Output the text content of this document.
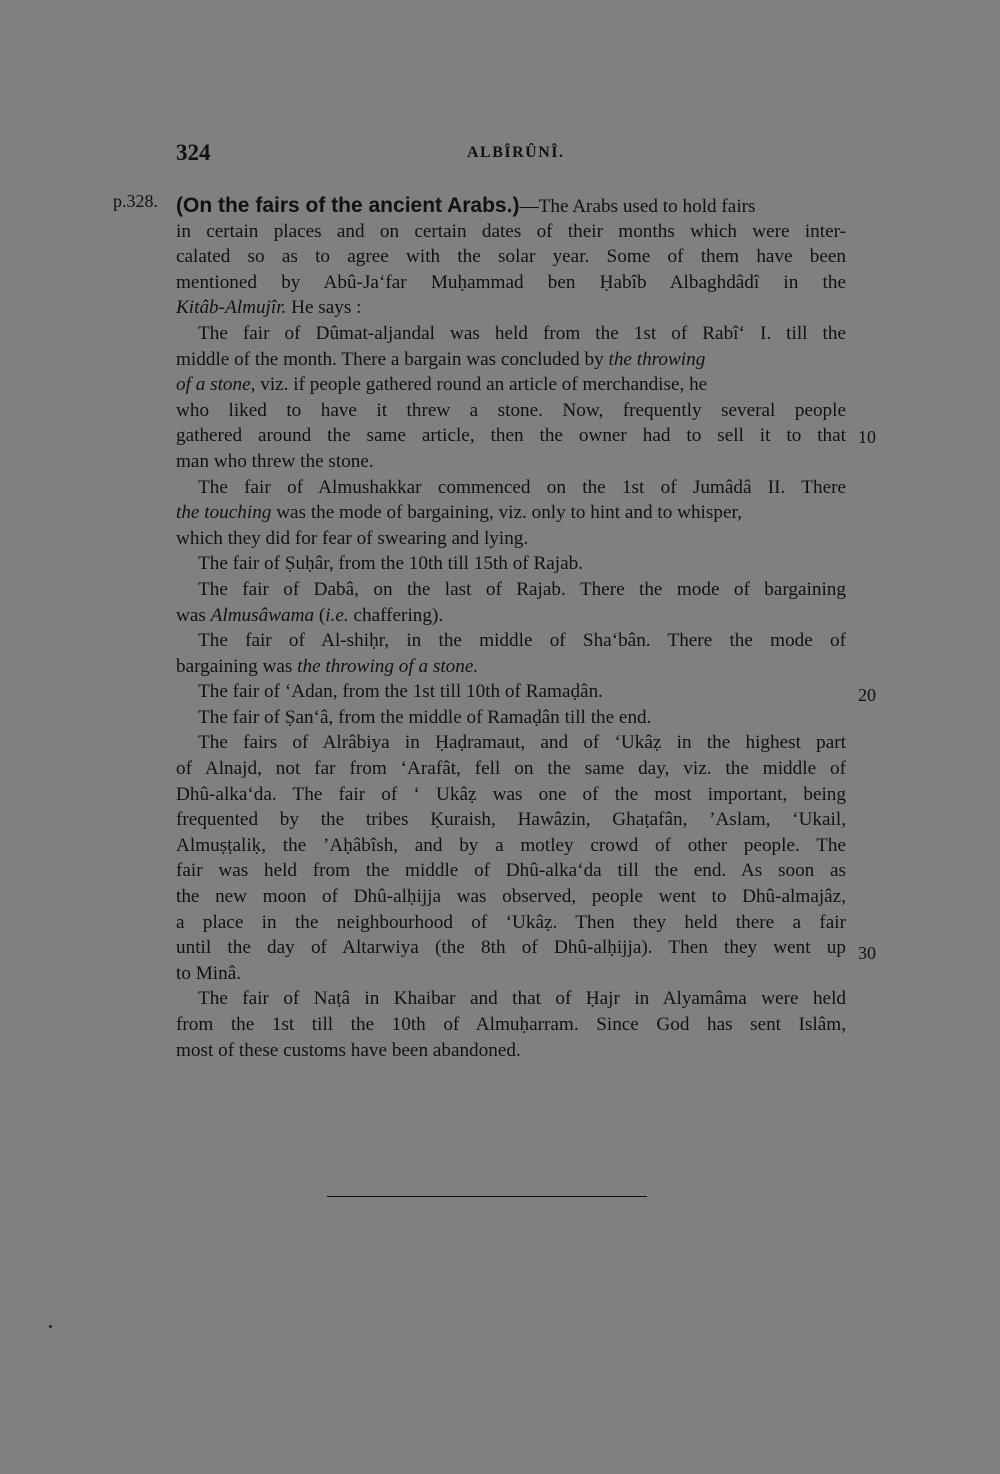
324	ALBÎRÛNÎ.
p.328. (On the fairs of the ancient Arabs.)—The Arabs used to hold fairs
in certain places and on certain dates of their months which were inter-
calated so as to agree with the solar year. Some of them have been
mentioned by Abû-Ja‘far Muḥammad ben Ḥabîb Albaghdâdî in the
Kitâb-Almujîr. He says :
The fair of Dûmat-aljandal was held from the 1st of Rabî‘ I. till the
middle of the month. There a bargain was concluded by the throwing
of a stone, viz. if people gathered round an article of merchandise, he
who liked to have it threw a stone. Now, frequently several people
gathered around the same article, then the owner had to sell it to that
man who threw the stone.
The fair of Almushakkar commenced on the 1st of Jumâdâ II. There
the touching was the mode of bargaining, viz. only to hint and to whisper,
which they did for fear of swearing and lying.
The fair of Ṣuḥâr, from the 10th till 15th of Rajab.
The fair of Dabâ, on the last of Rajab. There the mode of bargaining
was Almusâwama (i.e. chaffering).
The fair of Al-shiḥr, in the middle of Sha‘bân. There the mode of
bargaining was the throwing of a stone.
The fair of ‘Adan, from the 1st till 10th of Ramaḍân.
The fair of Ṣan‘â, from the middle of Ramaḍân till the end.
The fairs of Alrâbiya in Ḥaḍramaut, and of ‘Ukâẓ in the highest part
of Alnajd, not far from ‘Arafât, fell on the same day, viz. the middle of
Dhû-alka‘da. The fair of ‘ Ukâẓ was one of the most important, being
frequented by the tribes Ḳuraish, Hawâzin, Ghaṭafân, ’Aslam, ‘Ukail,
Almuṣṭaliḳ, the ’Aḥâbîsh, and by a motley crowd of other people. The
fair was held from the middle of Dhû-alka‘da till the end. As soon as
the new moon of Dhû-alḥijja was observed, people went to Dhû-almajâz,
a place in the neighbourhood of ‘Ukâẓ. Then they held there a fair
until the day of Altarwiya (the 8th of Dhû-alḥijja). Then they went up
to Minâ.
The fair of Naṭâ in Khaibar and that of Ḥajr in Alyamâma were held
from the 1st till the 10th of Almuḥarram. Since God has sent Islâm,
most of these customs have been abandoned.
10
20
30
